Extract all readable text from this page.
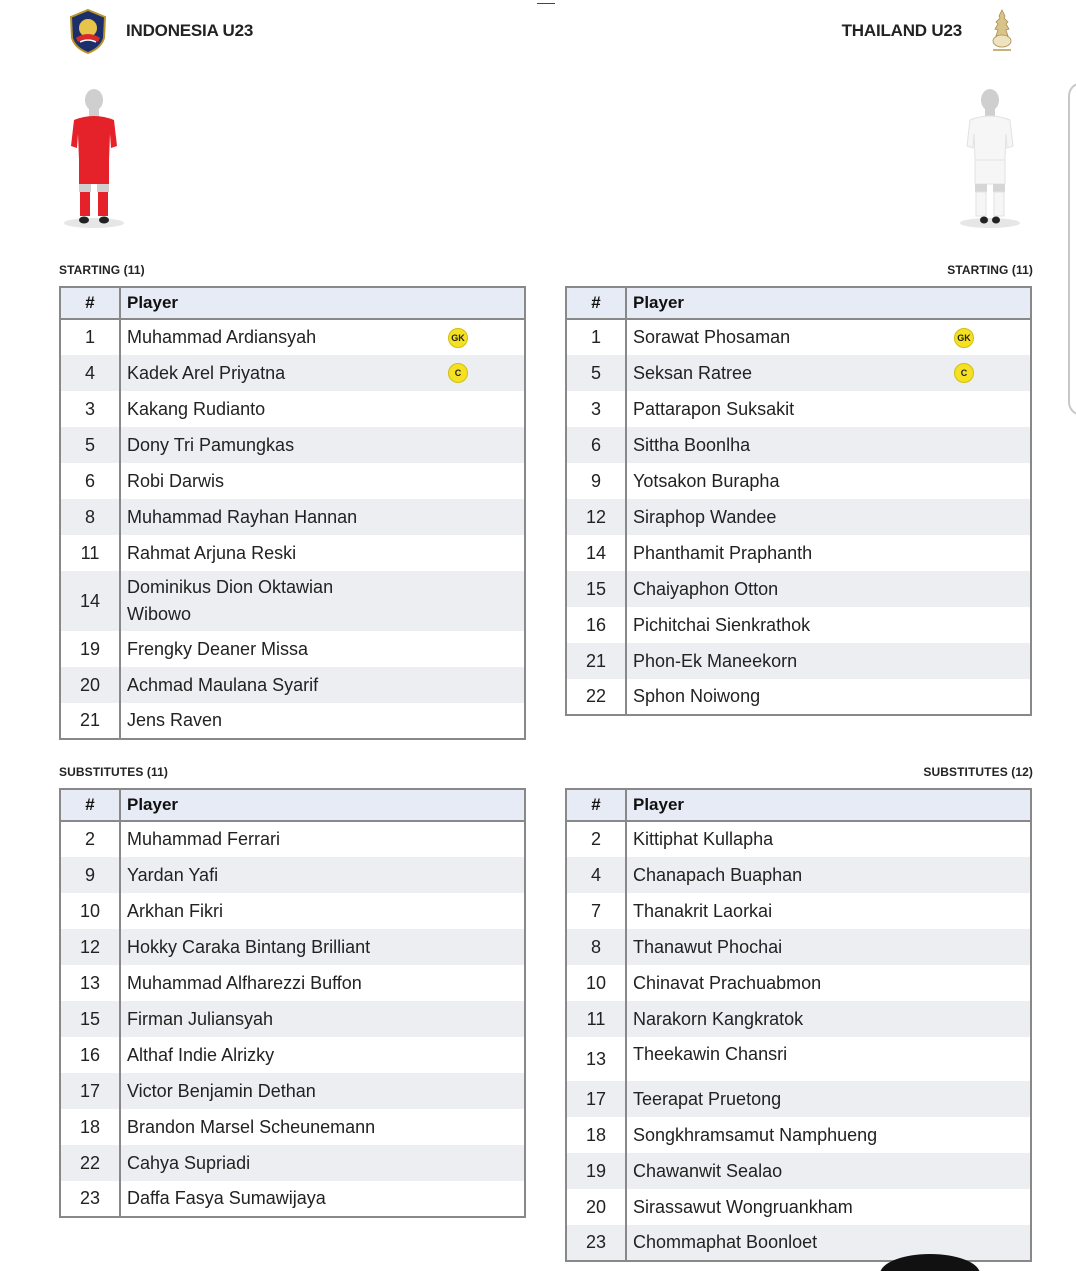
INDONESIA U23	THAILAND U23
STARTING (11)	STARTING (11)
SUBSTITUTES (11)	SUBSTITUTES (12)
#	Player
1	Muhammad Ardiansyah GK

4	Kadek Arel Priyatna C

3	Kakang Rudianto
5	Dony Tri Pamungkas
6	Robi Darwis
8	Muhammad Rayhan Hannan
11	Rahmat Arjuna Reski
14	Dominikus Dion Oktawian Wibowo
19	Frengky Deaner Missa
20	Achmad Maulana Syarif
21	Jens Raven
#	Player
1	Sorawat Phosaman GK

5	Seksan Ratree C

3	Pattarapon Suksakit
6	Sittha Boonlha
9	Yotsakon Burapha
12	Siraphop Wandee
14	Phanthamit Praphanth
15	Chaiyaphon Otton
16	Pichitchai Sienkrathok
21	Phon-Ek Maneekorn
22	Sphon Noiwong
#	Player
2	Muhammad Ferrari
9	Yardan Yafi
10	Arkhan Fikri
12	Hokky Caraka Bintang Brilliant
13	Muhammad Alfharezzi Buffon
15	Firman Juliansyah
16	Althaf Indie Alrizky
17	Victor Benjamin Dethan
18	Brandon Marsel Scheunemann
22	Cahya Supriadi
23	Daffa Fasya Sumawijaya
#	Player
2	Kittiphat Kullapha
4	Chanapach Buaphan
7	Thanakrit Laorkai
8	Thanawut Phochai
10	Chinavat Prachuabmon
11	Narakorn Kangkratok
13	Theekawin Chansri
17	Teerapat Pruetong
18	Songkhramsamut Namphueng
19	Chawanwit Sealao
20	Sirassawut Wongruankham
23	Chommaphat Boonloet
